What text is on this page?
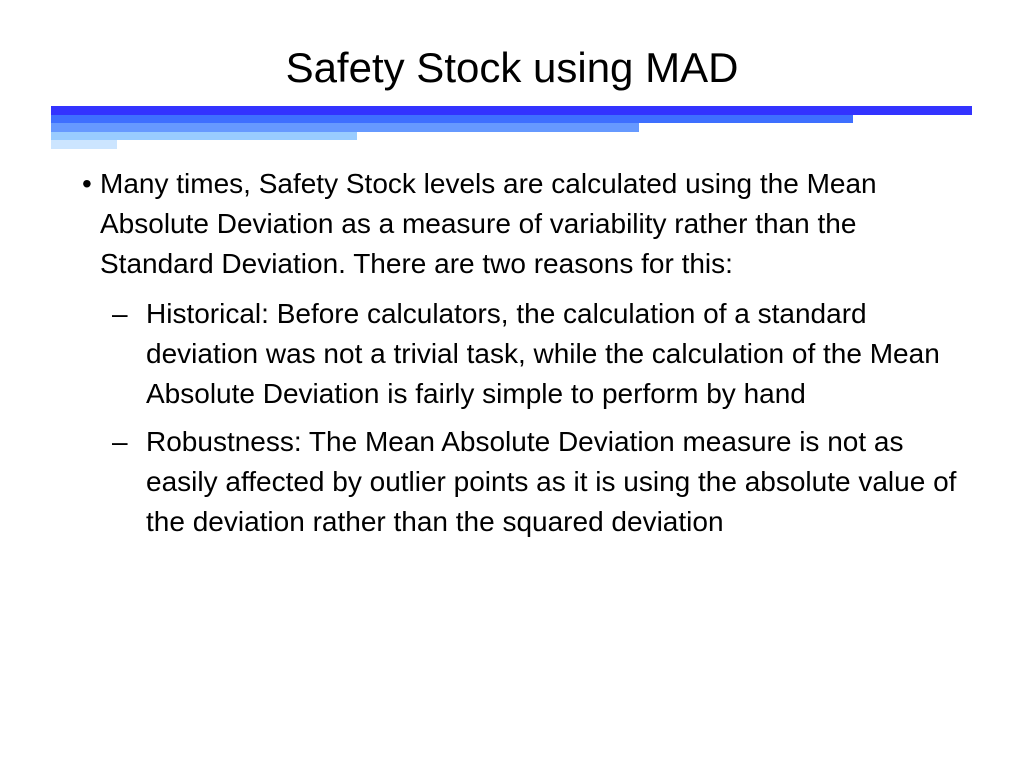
Safety Stock using MAD
• Many times, Safety Stock levels are calculated using the Mean Absolute Deviation as a measure of variability rather than the Standard Deviation. There are two reasons for this:
– Historical: Before calculators, the calculation of a standard deviation was not a trivial task, while the calculation of the Mean Absolute Deviation is fairly simple to perform by hand
– Robustness: The Mean Absolute Deviation measure is not as easily affected by outlier points as it is using the absolute value of the deviation rather than the squared deviation
